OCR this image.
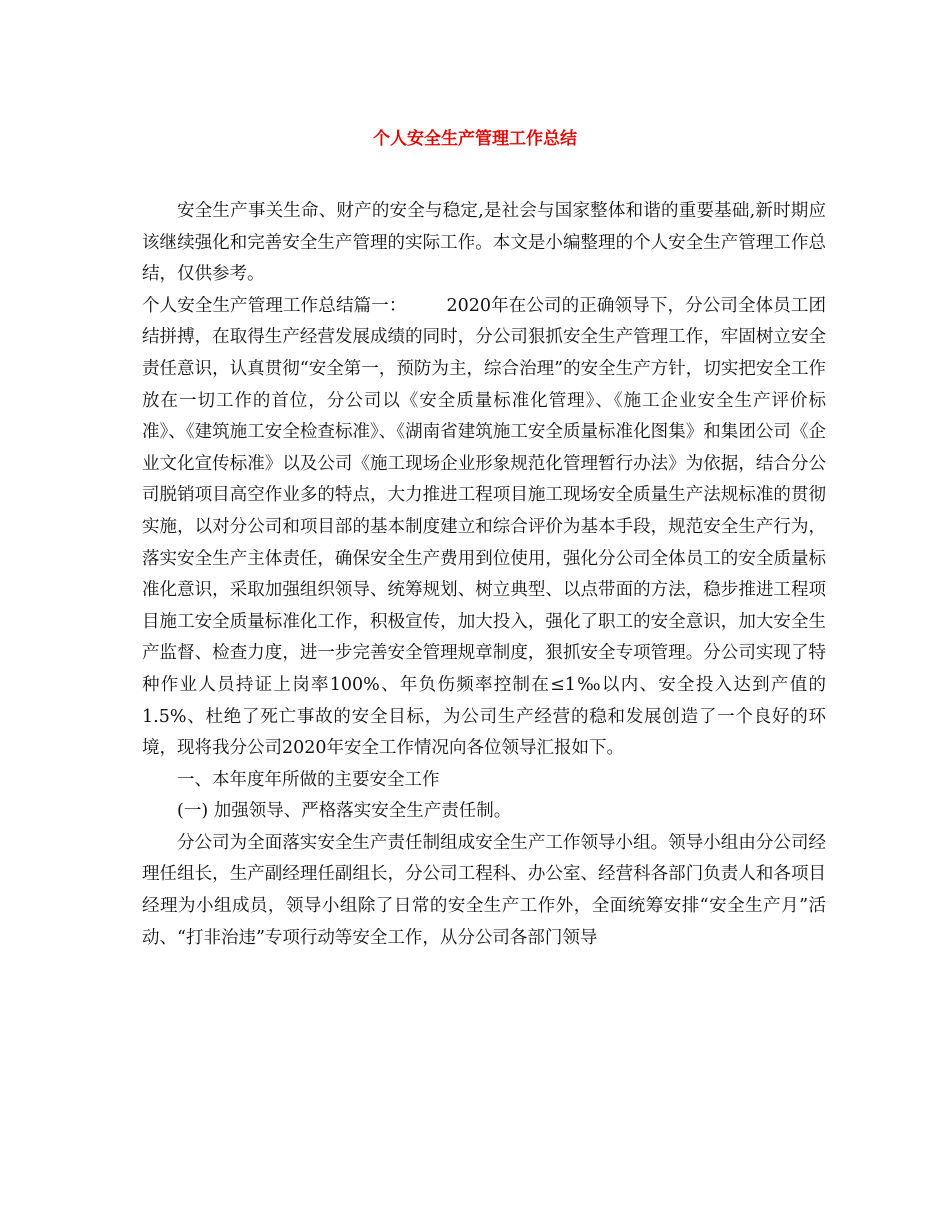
个人安全生产管理工作总结

安全生产事关生命、财产的安全与稳定,是社会与国家整体和谐的重要基础,新时期应该继续强化和完善安全生产管理的实际工作。本文是小编整理的个人安全生产管理工作总结，仅供参考。

个人安全生产管理工作总结篇一： 2020年在公司的正确领导下，分公司全体员工团结拼搏，在取得生产经营发展成绩的同时，分公司狠抓安全生产管理工作，牢固树立安全责任意识，认真贯彻“安全第一，预防为主，综合治理”的安全生产方针，切实把安全工作放在一切工作的首位，分公司以《安全质量标准化管理》、《施工企业安全生产评价标准》、《建筑施工安全检查标准》、《湖南省建筑施工安全质量标准化图集》和集团公司《企业文化宣传标准》以及公司《施工现场企业形象规范化管理暂行办法》为依据，结合分公司脱销项目高空作业多的特点，大力推进工程项目施工现场安全质量生产法规标准的贯彻实施，以对分公司和项目部的基本制度建立和综合评价为基本手段，规范安全生产行为，落实安全生产主体责任，确保安全生产费用到位使用，强化分公司全体员工的安全质量标准化意识，采取加强组织领导、统筹规划、树立典型、以点带面的方法，稳步推进工程项目施工安全质量标准化工作，积极宣传，加大投入，强化了职工的安全意识，加大安全生产监督、检查力度，进一步完善安全管理规章制度，狠抓安全专项管理。分公司实现了特种作业人员持证上岗率100%、年负伤频率控制在≤1‰以内、安全投入达到产值的1.5%、杜绝了死亡事故的安全目标，为公司生产经营的稳和发展创造了一个良好的环境，现将我分公司2020年安全工作情况向各位领导汇报如下。

一、本年度年所做的主要安全工作

(一) 加强领导、严格落实安全生产责任制。

分公司为全面落实安全生产责任制组成安全生产工作领导小组。领导小组由分公司经理任组长，生产副经理任副组长，分公司工程科、办公室、经营科各部门负责人和各项目经理为小组成员，领导小组除了日常的安全生产工作外，全面统筹安排“安全生产月”活动、“打非治违”专项行动等安全工作，从分公司各部门领导
